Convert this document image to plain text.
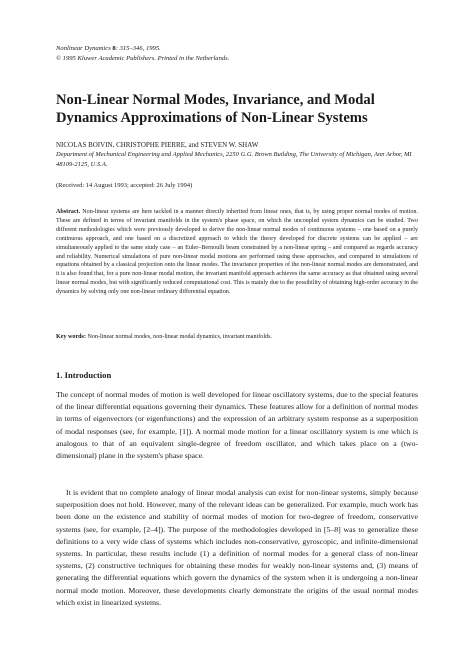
Nonlinear Dynamics 8: 315–346, 1995.
© 1995 Kluwer Academic Publishers. Printed in the Netherlands.
Non-Linear Normal Modes, Invariance, and Modal Dynamics Approximations of Non-Linear Systems
NICOLAS BOIVIN, CHRISTOPHE PIERRE, and STEVEN W. SHAW
Department of Mechanical Engineering and Applied Mechanics, 2250 G.G. Brown Building, The University of Michigan, Ann Arbor, MI 48109-2125, U.S.A.
(Received: 14 August 1993; accepted: 26 July 1994)
Abstract. Non-linear systems are here tackled in a manner directly inherited from linear ones, that is, by using proper normal modes of motion. These are defined in terms of invariant manifolds in the system's phase space, on which the uncoupled system dynamics can be studied. Two different methodologies which were previously developed to derive the non-linear normal modes of continuous systems – one based on a purely continuous approach, and one based on a discretized approach to which the theory developed for discrete systems can be applied – are simultaneously applied to the same study case – an Euler–Bernoulli beam constrained by a non-linear spring – and compared as regards accuracy and reliability. Numerical simulations of pure non-linear modal motions are performed using these approaches, and compared to simulations of equations obtained by a classical projection onto the linear modes. The invariance properties of the non-linear normal modes are demonstrated, and it is also found that, for a pure non-linear modal motion, the invariant manifold approach achieves the same accuracy as that obtained using several linear normal modes, but with significantly reduced computational cost. This is mainly due to the possibility of obtaining high-order accuracy in the dynamics by solving only one non-linear ordinary differential equation.
Key words: Non-linear normal modes, non-linear modal dynamics, invariant manifolds.
1. Introduction

The concept of normal modes of motion is well developed for linear oscillatory systems, due to the special features of the linear differential equations governing their dynamics. These features allow for a definition of normal modes in terms of eigenvectors (or eigenfunctions) and the expression of an arbitrary system response as a superposition of modal responses (see, for example, [1]). A normal mode motion for a linear oscillatory system is one which is analogous to that of an equivalent single-degree of freedom oscillator, and which takes place on a (two-dimensional) plane in the system's phase space.

It is evident that no complete analogy of linear modal analysis can exist for non-linear systems, simply because superposition does not hold. However, many of the relevant ideas can be generalized. For example, much work has been done on the existence and stability of normal modes of motion for two-degree of freedom, conservative systems (see, for example, [2–4]). The purpose of the methodologies developed in [5–8] was to generalize these definitions to a very wide class of systems which includes non-conservative, gyroscopic, and infinite-dimensional systems. In particular, these results include (1) a definition of normal modes for a general class of non-linear systems, (2) constructive techniques for obtaining these modes for weakly non-linear systems and, (3) means of generating the differential equations which govern the dynamics of the system when it is undergoing a non-linear normal mode motion. Moreover, these developments clearly demonstrate the origins of the usual normal modes which exist in linearized systems.
